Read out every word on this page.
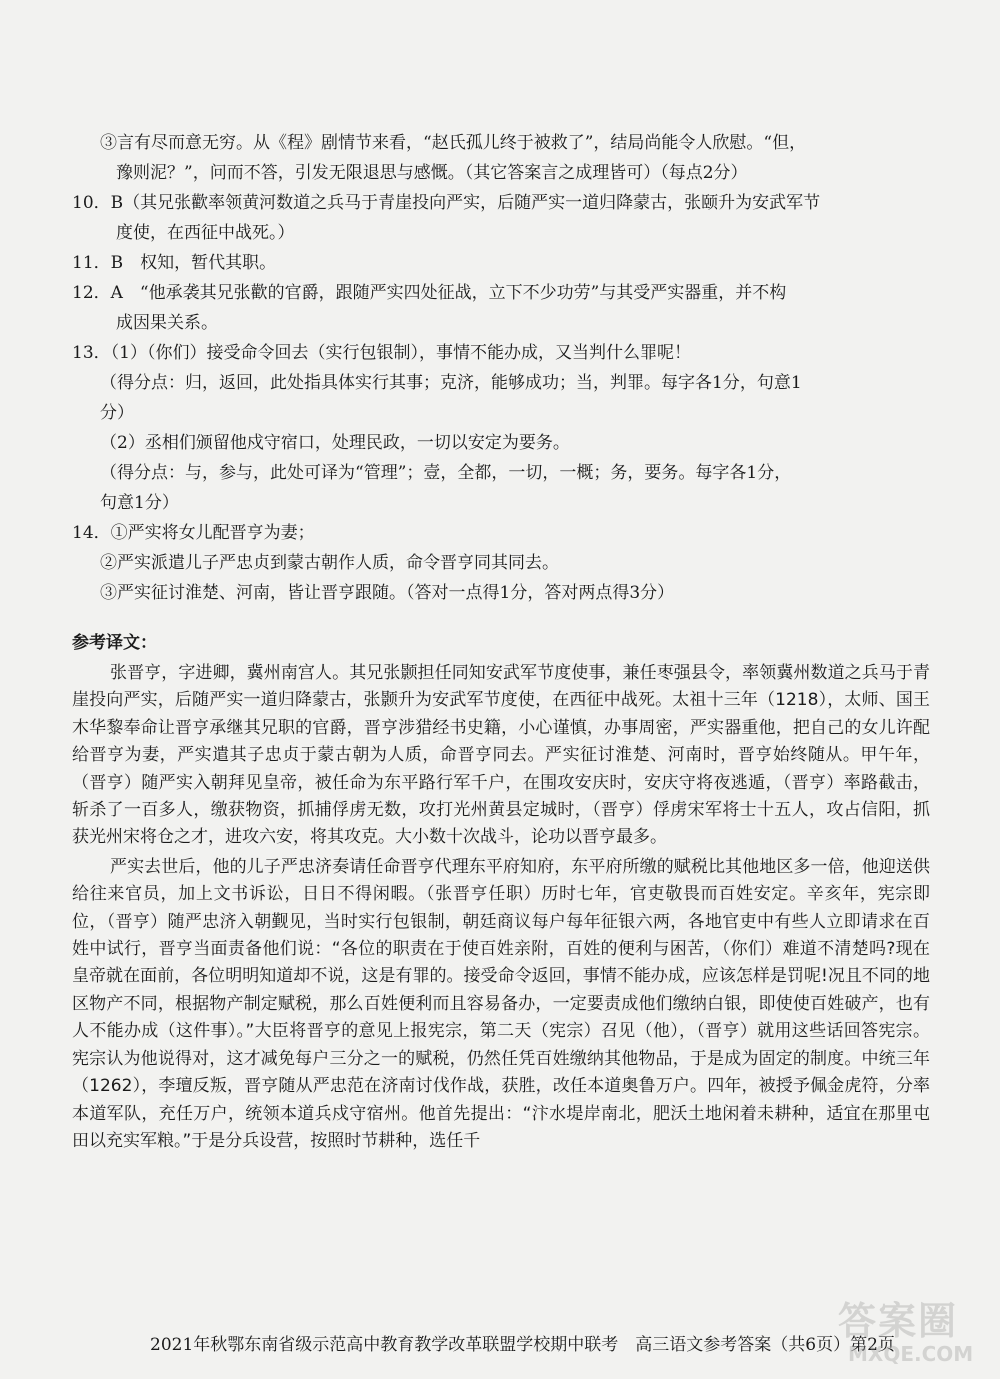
③言有尽而意无穷。从《程》剧情节来看，“赵氏孤儿终于被救了”，结局尚能令人欣慰。“但，

豫则泥？”，问而不答，引发无限退思与感慨。（其它答案言之成理皆可）（每点2分）

10．B（其兄张歡率领黄河数道之兵马于青崖投向严实，后随严实一道归降蒙古，张颐升为安武军节

度使，在西征中战死。）

11．B　权知，暂代其职。

12．A　“他承袭其兄张歡的官爵，跟随严实四处征战，立下不少功劳”与其受严实器重，并不构

成因果关系。

13．（1）（你们）接受命令回去（实行包银制），事情不能办成，又当判什么罪呢！

（得分点：归，返回，此处指具体实行其事；克济，能够成功；当，判罪。每字各1分，句意1

分）

（2）丞相们颁留他戍守宿口，处理民政，一切以安定为要务。

（得分点：与，参与，此处可译为“管理”；壹，全都，一切，一概；务，要务。每字各1分，

句意1分）

14．①严实将女儿配晋亨为妻；

②严实派遣儿子严忠贞到蒙古朝作人质，命令晋亨同其同去。

③严实征讨淮楚、河南，皆让晋亨跟随。（答对一点得1分，答对两点得3分）

参考译文：

张晋亨，字进卿，冀州南宫人。其兄张颢担任同知安武军节度使事，兼任枣强县令，率领冀州数道之兵马于青崖投向严实，后随严实一道归降蒙古，张颢升为安武军节度使，在西征中战死。太祖十三年（1218），太师、国王木华黎奉命让晋亨承继其兄职的官爵，晋亨涉猎经书史籍，小心谨慎，办事周密，严实器重他，把自己的女儿许配给晋亨为妻，严实遣其子忠贞于蒙古朝为人质，命晋亨同去。严实征讨淮楚、河南时，晋亨始终随从。甲午年，（晋亨）随严实入朝拜见皇帝，被任命为东平路行军千户，在围攻安庆时，安庆守将夜逃遁，（晋亨）率路截击，斩杀了一百多人，缴获物资，抓捕俘虏无数，攻打光州黄县定城时，（晋亨）俘虏宋军将士十五人，攻占信阳，抓获光州宋将仓之才，进攻六安，将其攻克。大小数十次战斗，论功以晋亨最多。

严实去世后，他的儿子严忠济奏请任命晋亨代理东平府知府，东平府所缴的赋税比其他地区多一倍，他迎送供给往来官员，加上文书诉讼，日日不得闲暇。（张晋亨任职）历时七年，官吏敬畏而百姓安定。辛亥年，宪宗即位，（晋亨）随严忠济入朝觐见，当时实行包银制，朝廷商议每户每年征银六两，各地官吏中有些人立即请求在百姓中试行，晋亨当面责备他们说：“各位的职责在于使百姓亲附，百姓的便利与困苦，（你们）难道不清楚吗?现在皇帝就在面前，各位明明知道却不说，这是有罪的。接受命令返回，事情不能办成，应该怎样是罚呢!况且不同的地区物产不同，根据物产制定赋税，那么百姓便利而且容易备办，一定要责成他们缴纳白银，即使使百姓破产，也有人不能办成（这件事）。”大臣将晋亨的意见上报宪宗，第二天（宪宗）召见（他），（晋亨）就用这些话回答宪宗。宪宗认为他说得对，这才减免每户三分之一的赋税，仍然任凭百姓缴纳其他物品，于是成为固定的制度。中统三年（1262），李璮反叛，晋亨随从严忠范在济南讨伐作战，获胜，改任本道奥鲁万户。四年，被授予佩金虎符，分率本道军队，充任万户，统领本道兵戍守宿州。他首先提出：“汴水堤岸南北，肥沃土地闲着未耕种，适宜在那里屯田以充实军粮。”于是分兵设营，按照时节耕种，选任千

2021年秋鄂东南省级示范高中教育教学改革联盟学校期中联考　高三语文参考答案（共6页）第2页
答案圈
MXQE.COM
